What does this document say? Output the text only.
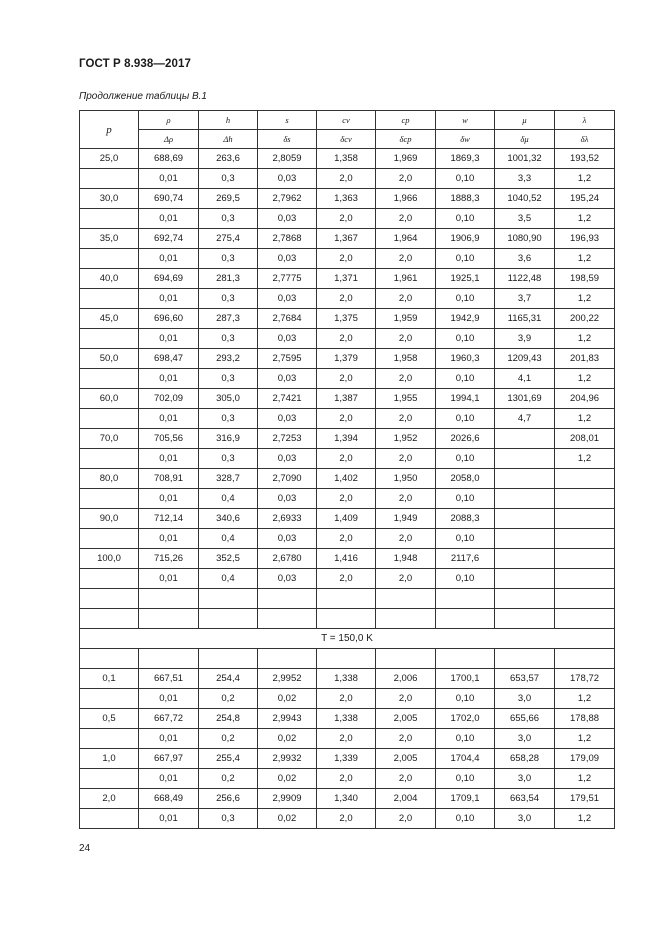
ГОСТ Р 8.938—2017
Продолжение таблицы В.1
p	ρ	h	s	cv	cp	w	μ	λ
	Δρ	Δh	δs	δcv	δcp	δw	δμ	δλ
25,0	688,69	263,6	2,8059	1,358	1,969	1869,3	1001,32	193,52
	0,01	0,3	0,03	2,0	2,0	0,10	3,3	1,2
30,0	690,74	269,5	2,7962	1,363	1,966	1888,3	1040,52	195,24
	0,01	0,3	0,03	2,0	2,0	0,10	3,5	1,2
35,0	692,74	275,4	2,7868	1,367	1,964	1906,9	1080,90	196,93
	0,01	0,3	0,03	2,0	2,0	0,10	3,6	1,2
40,0	694,69	281,3	2,7775	1,371	1,961	1925,1	1122,48	198,59
	0,01	0,3	0,03	2,0	2,0	0,10	3,7	1,2
45,0	696,60	287,3	2,7684	1,375	1,959	1942,9	1165,31	200,22
	0,01	0,3	0,03	2,0	2,0	0,10	3,9	1,2
50,0	698,47	293,2	2,7595	1,379	1,958	1960,3	1209,43	201,83
	0,01	0,3	0,03	2,0	2,0	0,10	4,1	1,2
60,0	702,09	305,0	2,7421	1,387	1,955	1994,1	1301,69	204,96
	0,01	0,3	0,03	2,0	2,0	0,10	4,7	1,2
70,0	705,56	316,9	2,7253	1,394	1,952	2026,6		208,01
	0,01	0,3	0,03	2,0	2,0	0,10		1,2
80,0	708,91	328,7	2,7090	1,402	1,950	2058,0		
	0,01	0,4	0,03	2,0	2,0	0,10		
90,0	712,14	340,6	2,6933	1,409	1,949	2088,3		
	0,01	0,4	0,03	2,0	2,0	0,10		
100,0	715,26	352,5	2,6780	1,416	1,948	2117,6		
	0,01	0,4	0,03	2,0	2,0	0,10		

T = 150,0 K								

0,1	667,51	254,4	2,9952	1,338	2,006	1700,1	653,57	178,72
	0,01	0,2	0,02	2,0	2,0	0,10	3,0	1,2
0,5	667,72	254,8	2,9943	1,338	2,005	1702,0	655,66	178,88
	0,01	0,2	0,02	2,0	2,0	0,10	3,0	1,2
1,0	667,97	255,4	2,9932	1,339	2,005	1704,4	658,28	179,09
	0,01	0,2	0,02	2,0	2,0	0,10	3,0	1,2
2,0	668,49	256,6	2,9909	1,340	2,004	1709,1	663,54	179,51
	0,01	0,3	0,02	2,0	2,0	0,10	3,0	1,2
24
